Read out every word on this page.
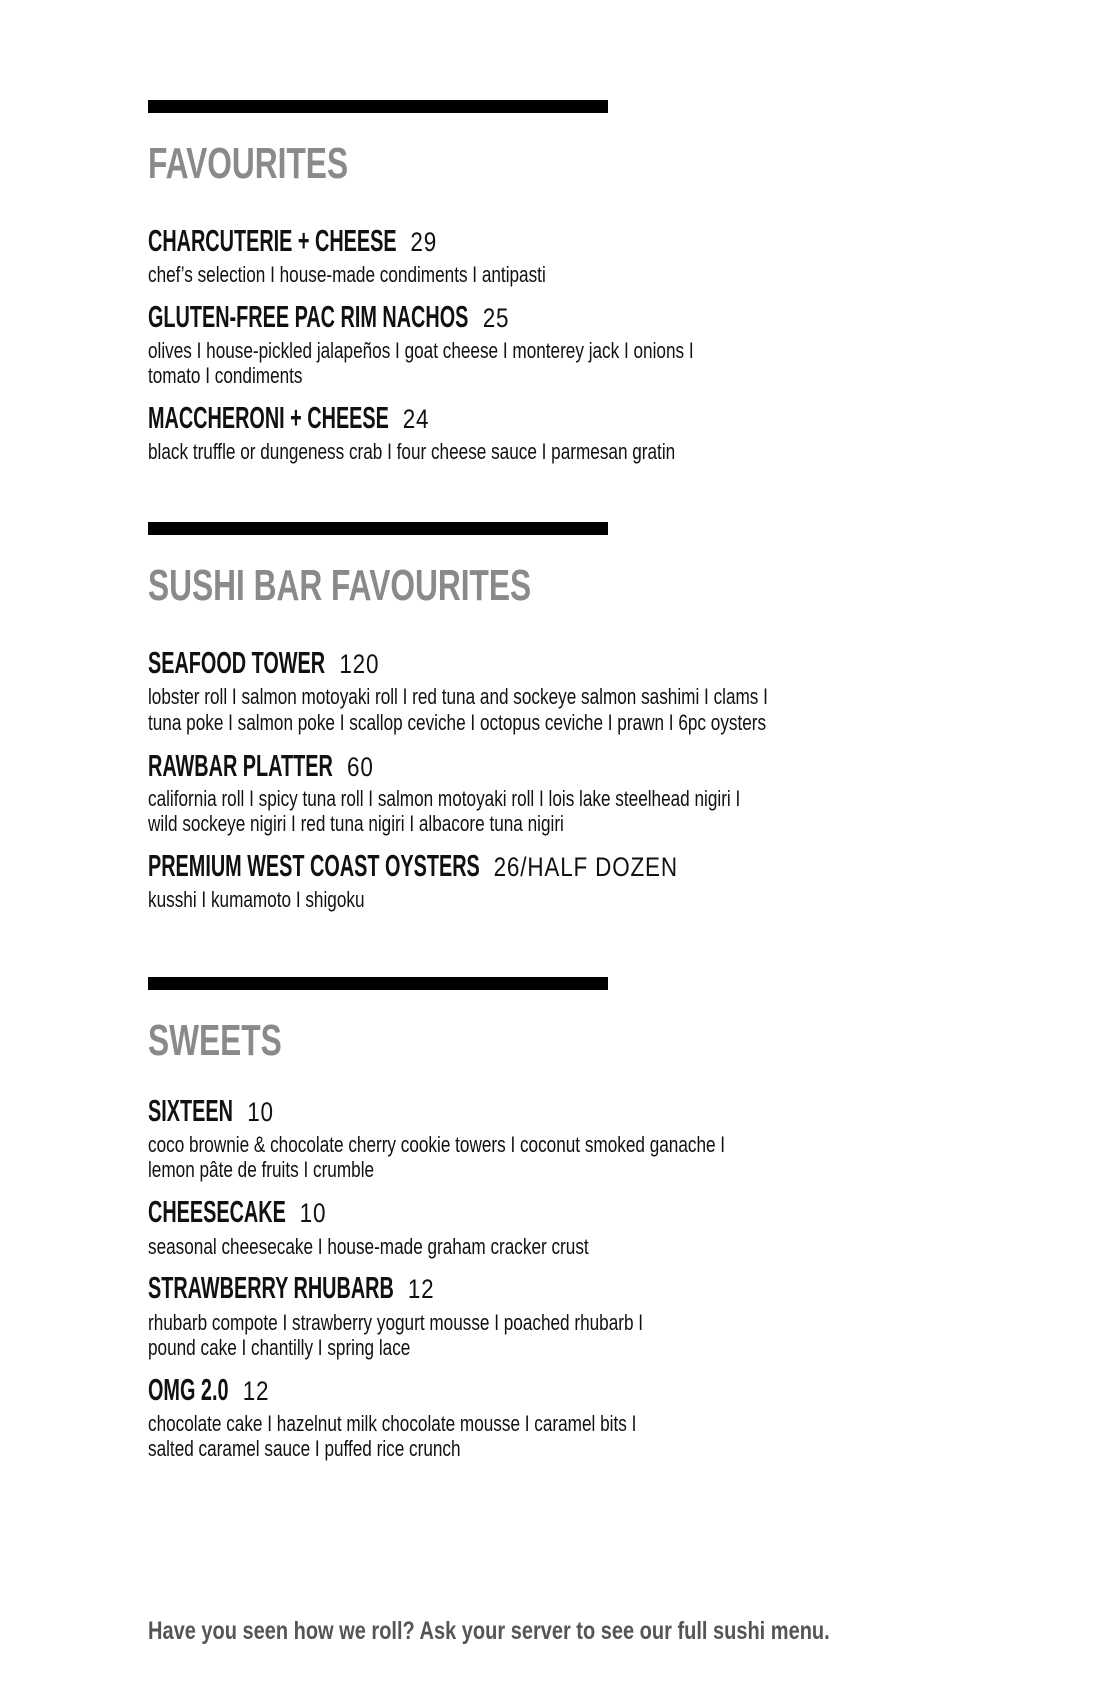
FAVOURITES
CHARCUTERIE + CHEESE 29
chef’s selection I house-made condiments I antipasti
GLUTEN-FREE PAC RIM NACHOS 25
olives I house-pickled jalapeños I goat cheese I monterey jack I onions I
tomato I condiments
MACCHERONI + CHEESE 24
black truffle or dungeness crab I four cheese sauce I parmesan gratin
SUSHI BAR FAVOURITES
SEAFOOD TOWER 120
lobster roll I salmon motoyaki roll I red tuna and sockeye salmon sashimi I clams I
tuna poke I salmon poke I scallop ceviche I octopus ceviche I prawn I 6pc oysters
RAWBAR PLATTER 60
california roll I spicy tuna roll I salmon motoyaki roll I lois lake steelhead nigiri I
wild sockeye nigiri I red tuna nigiri I albacore tuna nigiri
PREMIUM WEST COAST OYSTERS 26/HALF DOZEN
kusshi I kumamoto I shigoku
SWEETS
SIXTEEN 10
coco brownie & chocolate cherry cookie towers I coconut smoked ganache I
lemon pâte de fruits I crumble
CHEESECAKE 10
seasonal cheesecake I house-made graham cracker crust
STRAWBERRY RHUBARB 12
rhubarb compote I strawberry yogurt mousse I poached rhubarb I
pound cake I chantilly I spring lace
OMG 2.0 12
chocolate cake I hazelnut milk chocolate mousse I caramel bits I
salted caramel sauce I puffed rice crunch
Have you seen how we roll? Ask your server to see our full sushi menu.
